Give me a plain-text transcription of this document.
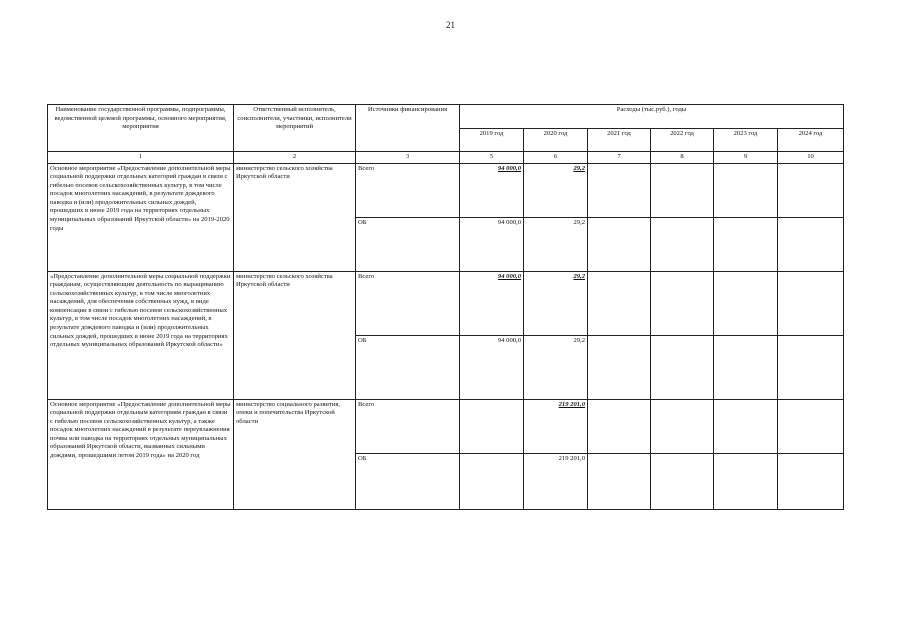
21
Наименование государственной программы, подпрограммы, ведомственной целевой программы, основного мероприятия, мероприятия	Ответственный исполнитель, соисполнители, участники, исполнители мероприятий	Источники финансирования	Расходы (тыс.руб.), годы					
			2019 год	2020 год	2021 год	2022 год	2023 год	2024 год
1	2	3	5	6	7	8	9	10
Основное мероприятие «Предоставление дополнительной меры социальной поддержки отдельных категорий граждан в связи с гибелью посевов сельскохозяйственных культур, в том числе посадок многолетних насаждений, в результате дождевого паводка и (или) продолжительных сильных дождей, прошедших в июне 2019 года на территориях отдельных муниципальных образований Иркутской области» на 2019-2020 годы	министерство сельского хозяйства Иркутской области	Всего	94 000,0	29,2				
		ОБ	94 000,0	29,2				
«Предоставление дополнительной меры социальной поддержки гражданам, осуществляющим деятельность по выращиванию сельскохозяйственных культур, в том числе многолетних насаждений, для обеспечения собственных нужд, в виде компенсации в связи с гибелью посевов сельскохозяйственных культур, в том числе посадок многолетних насаждений, в результате дождевого паводка и (или) продолжительных сильных дождей, прошедших в июне 2019 года на территориях отдельных муниципальных образований Иркутской области»	министерство сельского хозяйства Иркутской области	Всего	94 000,0	29,2				
		ОБ	94 000,0	29,2				
Основное мероприятие «Предоставление дополнительной меры социальной поддержки отдельным категориям граждан в связи с гибелью посевов сельскохозяйственных культур, а также посадок многолетних насаждений в результате переувлажнения почвы или паводка на территориях отдельных муниципальных образований Иркутской области, вызванных сильными дождями, прошедшими летом 2019 года» на 2020 год	министерство социального развития, опеки и попечительства Иркутской области	Всего		219 201,0				
		ОБ		219 201,0				
